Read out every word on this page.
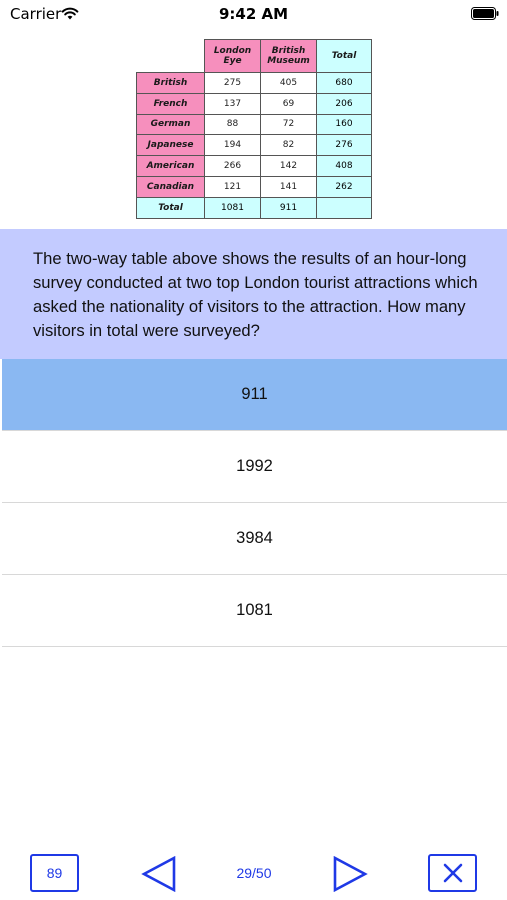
Carrier	9:42 AM
	London Eye	British Museum	Total
British	275	405	680
French	137	69	206
German	88	72	160
Japanese	194	82	276
American	266	142	408
Canadian	121	141	262
Total	1081	911	

The two-way table above shows the results of an hour-long survey conducted at two top London tourist attractions which asked the nationality of visitors to the attraction. How many visitors in total were surveyed?

911
1992
3984
1081
89	29/50
